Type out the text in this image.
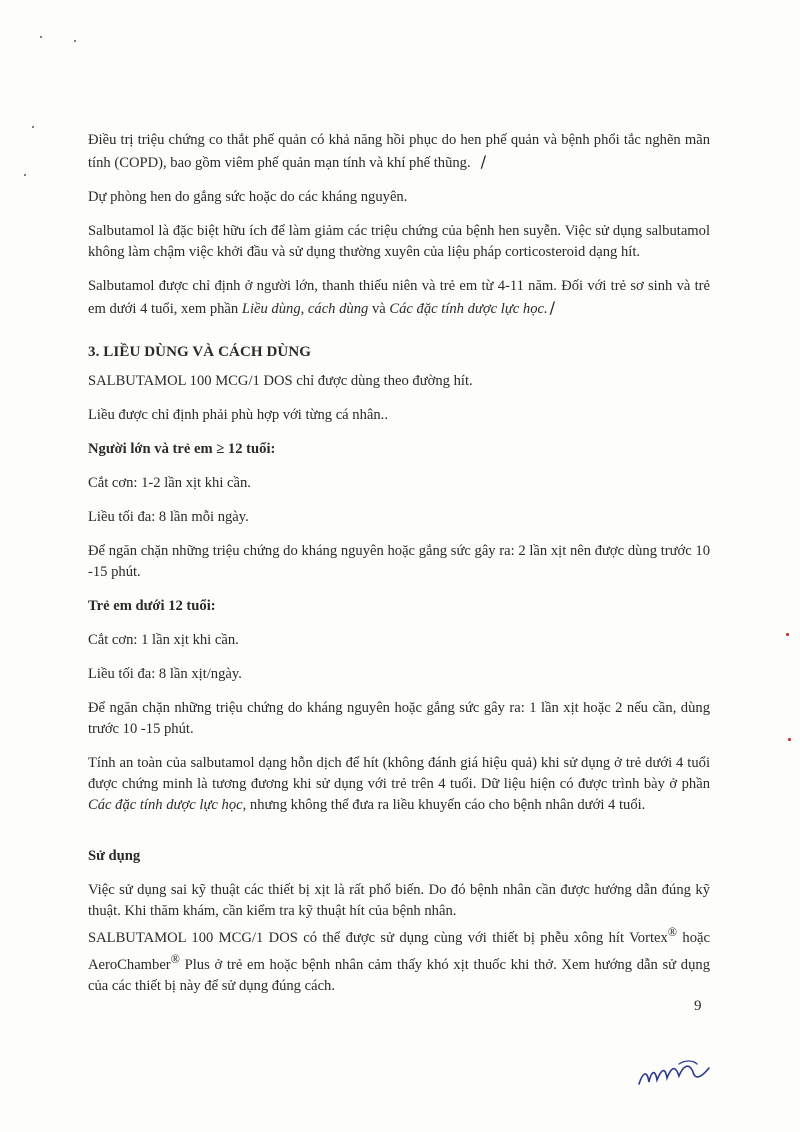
Điều trị triệu chứng co thắt phế quản có khả năng hồi phục do hen phế quản và bệnh phổi tắc nghẽn mãn tính (COPD), bao gồm viêm phế quản mạn tính và khí phế thũng. /

Dự phòng hen do gắng sức hoặc do các kháng nguyên.

Salbutamol là đặc biệt hữu ích để làm giảm các triệu chứng của bệnh hen suyễn. Việc sử dụng salbutamol không làm chậm việc khởi đầu và sử dụng thường xuyên của liệu pháp corticosteroid dạng hít.

Salbutamol được chỉ định ở người lớn, thanh thiếu niên và trẻ em từ 4-11 năm. Đối với trẻ sơ sinh và trẻ em dưới 4 tuổi, xem phần Liều dùng, cách dùng và Các đặc tính dược lực học. /

3. LIỀU DÙNG VÀ CÁCH DÙNG

SALBUTAMOL 100 MCG/1 DOS chỉ được dùng theo đường hít.

Liều được chỉ định phải phù hợp với từng cá nhân..

Người lớn và trẻ em ≥ 12 tuổi:

Cắt cơn: 1-2 lần xịt khi cần.

Liều tối đa: 8 lần mỗi ngày.

Để ngăn chặn những triệu chứng do kháng nguyên hoặc gắng sức gây ra: 2 lần xịt nên được dùng trước 10 -15 phút.

Trẻ em dưới 12 tuổi:

Cắt cơn: 1 lần xịt khi cần.

Liều tối đa: 8 lần xịt/ngày.

Để ngăn chặn những triệu chứng do kháng nguyên hoặc gắng sức gây ra: 1 lần xịt hoặc 2 nếu cần, dùng trước 10 -15 phút.

Tính an toàn của salbutamol dạng hỗn dịch để hít (không đánh giá hiệu quả) khi sử dụng ở trẻ dưới 4 tuổi được chứng minh là tương đương khi sử dụng với trẻ trên 4 tuổi. Dữ liệu hiện có được trình bày ở phần Các đặc tính dược lực học, nhưng không thể đưa ra liều khuyến cáo cho bệnh nhân dưới 4 tuổi.

Sử dụng

Việc sử dụng sai kỹ thuật các thiết bị xịt là rất phổ biến. Do đó bệnh nhân cần được hướng dẫn đúng kỹ thuật. Khi thăm khám, cần kiểm tra kỹ thuật hít của bệnh nhân.

SALBUTAMOL 100 MCG/1 DOS có thể được sử dụng cùng với thiết bị phễu xông hít Vortex® hoặc AeroChamber® Plus ở trẻ em hoặc bệnh nhân cảm thấy khó xịt thuốc khi thở. Xem hướng dẫn sử dụng của các thiết bị này để sử dụng đúng cách.

9
